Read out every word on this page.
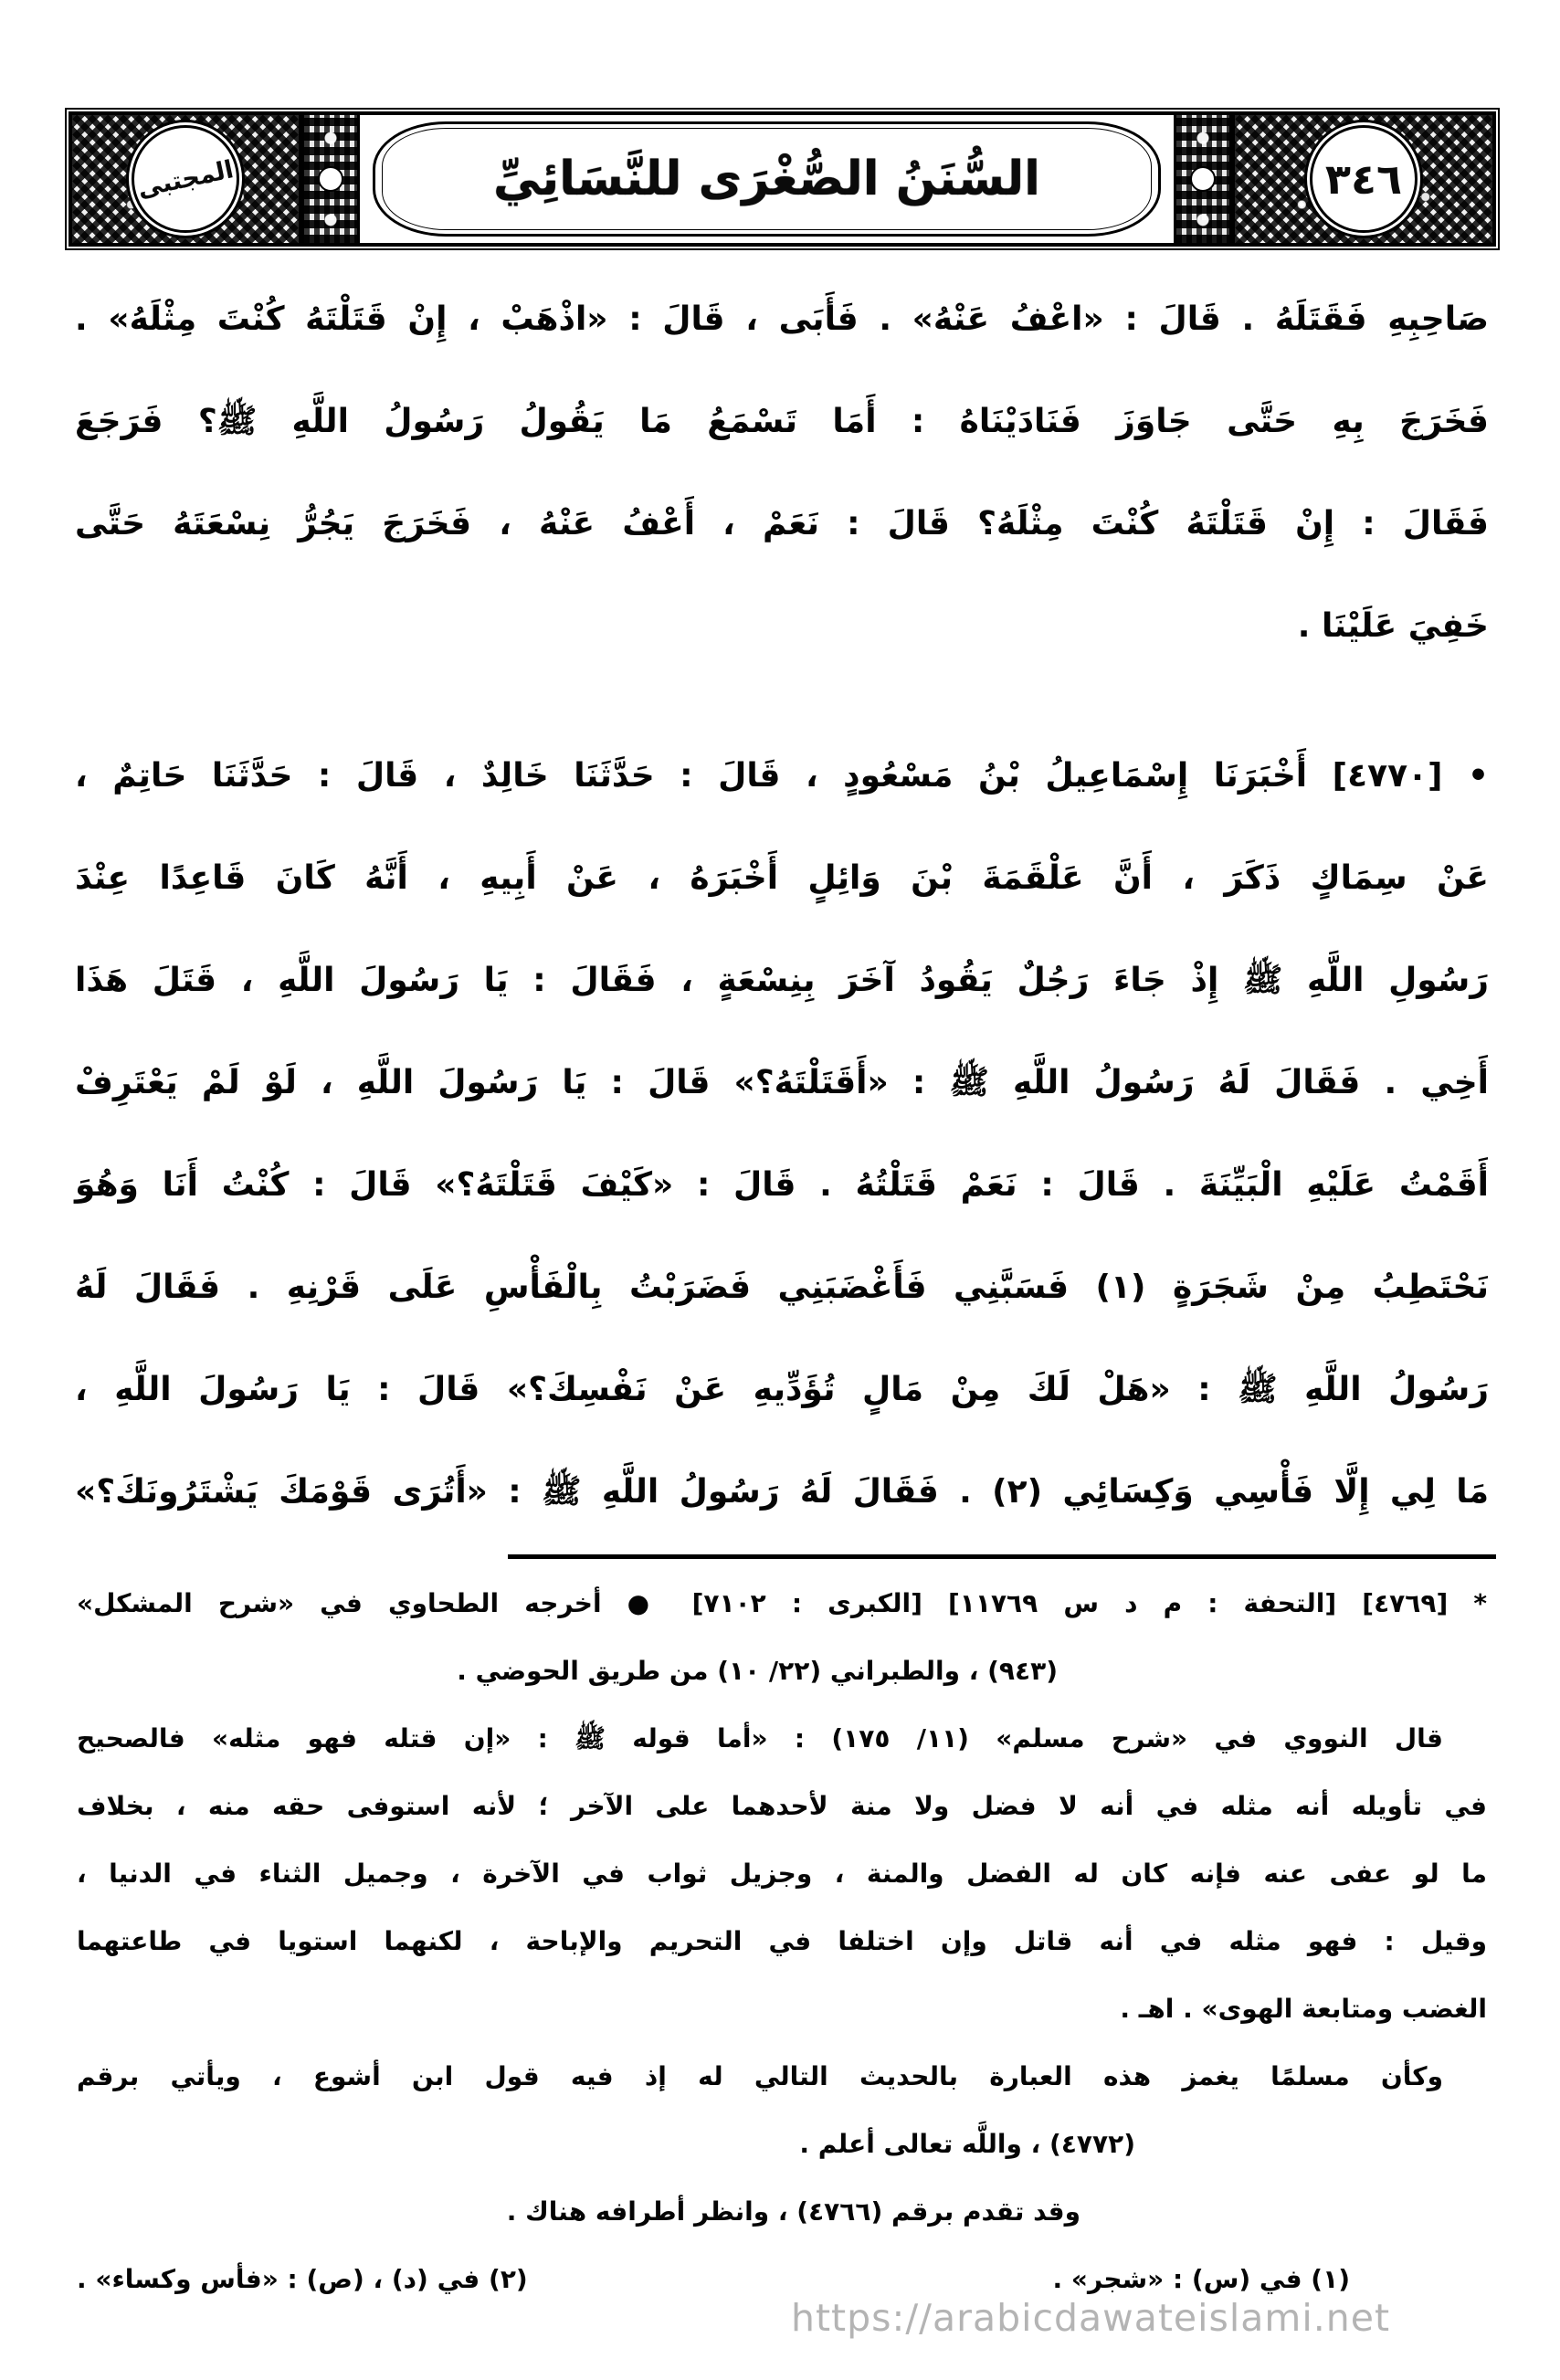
المجتبى	السُّنَنُ الصُّغْرَى للنَّسَائِيِّ	٣٤٦
صَاحِبِهِ فَقَتَلَهُ . قَالَ : «اعْفُ عَنْهُ» . فَأَبَى ، قَالَ : «اذْهَبْ ، إِنْ قَتَلْتَهُ كُنْتَ مِثْلَهُ» .
فَخَرَجَ بِهِ حَتَّى جَاوَزَ فَنَادَيْنَاهُ : أَمَا تَسْمَعُ مَا يَقُولُ رَسُولُ اللَّهِ ﷺ؟ فَرَجَعَ
فَقَالَ : إِنْ قَتَلْتَهُ كُنْتَ مِثْلَهُ؟ قَالَ : نَعَمْ ، أَعْفُ عَنْهُ ، فَخَرَجَ يَجُرُّ نِسْعَتَهُ حَتَّى
خَفِيَ عَلَيْنَا .
• [٤٧٧٠] أَخْبَرَنَا إِسْمَاعِيلُ بْنُ مَسْعُودٍ ، قَالَ : حَدَّثَنَا خَالِدٌ ، قَالَ : حَدَّثَنَا حَاتِمٌ ،
عَنْ سِمَاكٍ ذَكَرَ ، أَنَّ عَلْقَمَةَ بْنَ وَائِلٍ أَخْبَرَهُ ، عَنْ أَبِيهِ ، أَنَّهُ كَانَ قَاعِدًا عِنْدَ
رَسُولِ اللَّهِ ﷺ إِذْ جَاءَ رَجُلٌ يَقُودُ آخَرَ بِنِسْعَةٍ ، فَقَالَ : يَا رَسُولَ اللَّهِ ، قَتَلَ هَذَا
أَخِي . فَقَالَ لَهُ رَسُولُ اللَّهِ ﷺ : «أَقَتَلْتَهُ؟» قَالَ : يَا رَسُولَ اللَّهِ ، لَوْ لَمْ يَعْتَرِفْ
أَقَمْتُ عَلَيْهِ الْبَيِّنَةَ . قَالَ : نَعَمْ قَتَلْتُهُ . قَالَ : «كَيْفَ قَتَلْتَهُ؟» قَالَ : كُنْتُ أَنَا وَهُوَ
نَحْتَطِبُ مِنْ شَجَرَةٍ (١) فَسَبَّنِي فَأَغْضَبَنِي فَضَرَبْتُ بِالْفَأْسِ عَلَى قَرْنِهِ . فَقَالَ لَهُ
رَسُولُ اللَّهِ ﷺ : «هَلْ لَكَ مِنْ مَالٍ تُؤَدِّيهِ عَنْ نَفْسِكَ؟» قَالَ : يَا رَسُولَ اللَّهِ ،
مَا لِي إِلَّا فَأْسِي وَكِسَائِي (٢) . فَقَالَ لَهُ رَسُولُ اللَّهِ ﷺ : «أَتُرَى قَوْمَكَ يَشْتَرُونَكَ؟»
* [٤٧٦٩] [التحفة : م د س ١١٧٦٩] [الكبرى : ٧١٠٢] ● أخرجه الطحاوي في «شرح المشكل»
(٩٤٣) ، والطبراني (٢٢/ ١٠) من طريق الحوضي .
قال النووي في «شرح مسلم» (١١/ ١٧٥) : «أما قوله ﷺ : «إن قتله فهو مثله» فالصحيح
في تأويله أنه مثله في أنه لا فضل ولا منة لأحدهما على الآخر ؛ لأنه استوفى حقه منه ، بخلاف
ما لو عفى عنه فإنه كان له الفضل والمنة ، وجزيل ثواب في الآخرة ، وجميل الثناء في الدنيا ،
وقيل : فهو مثله في أنه قاتل وإن اختلفا في التحريم والإباحة ، لكنهما استويا في طاعتهما
الغضب ومتابعة الهوى» . اهـ .
وكأن مسلمًا يغمز هذه العبارة بالحديث التالي له إذ فيه قول ابن أشوع ، ويأتي برقم
(٤٧٧٢) ، واللَّه تعالى أعلم .
وقد تقدم برقم (٤٧٦٦) ، وانظر أطرافه هناك .
(١) في (س) : «شجر» .
(٢) في (د) ، (ص) : «فأس وكساء» .
https://arabicdawateislami.net
